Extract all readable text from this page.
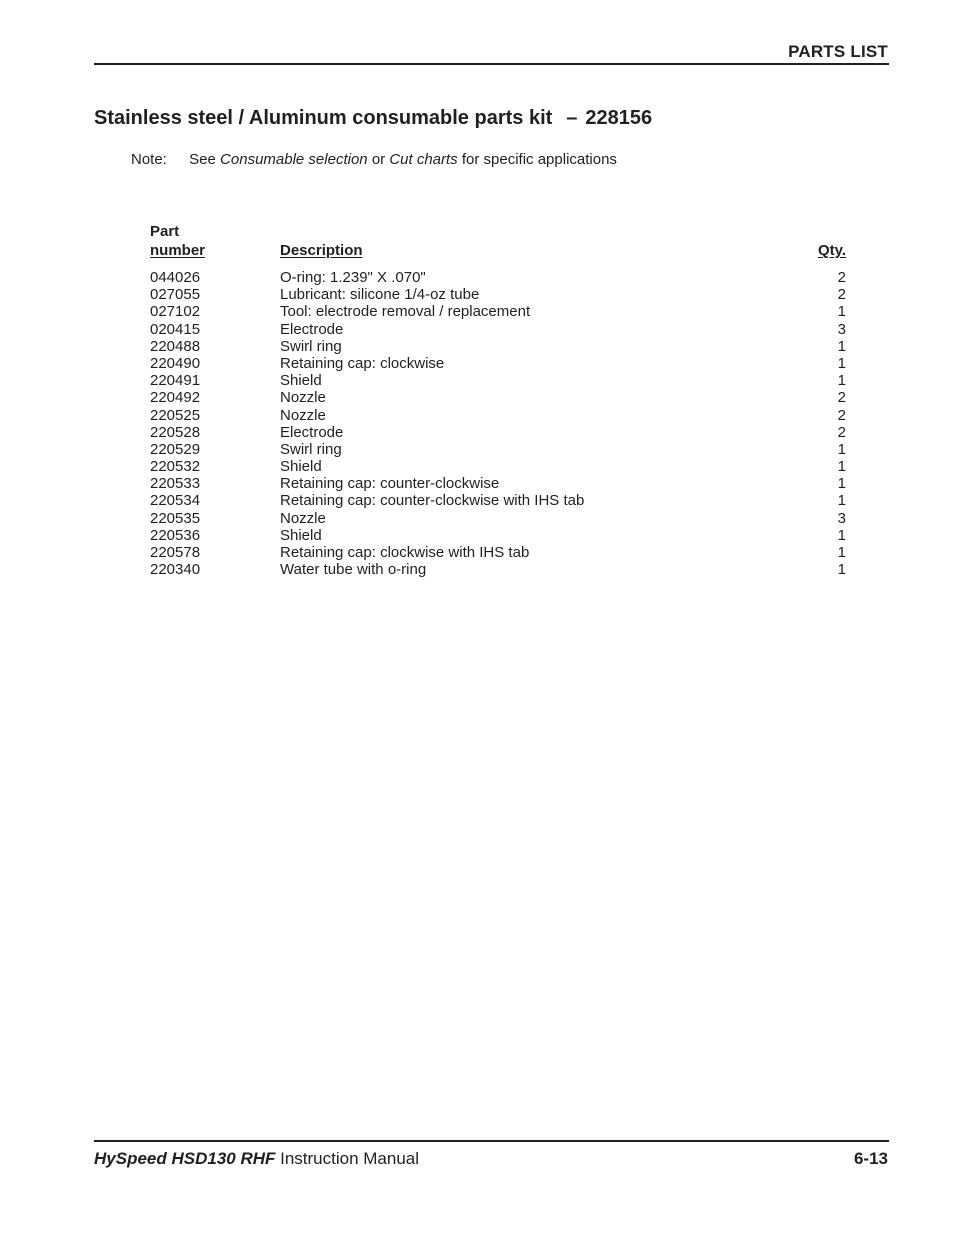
PARTS LIST
Stainless steel / Aluminum consumable parts kit – 228156
Note: See Consumable selection or Cut charts for specific applications
Part
number	Description	Qty.
044026	O-ring: 1.239" X .070"	2
027055	Lubricant: silicone 1/4-oz tube	2
027102	Tool: electrode removal / replacement	1
020415	Electrode	3
220488	Swirl ring	1
220490	Retaining cap: clockwise	1
220491	Shield	1
220492	Nozzle	2
220525	Nozzle	2
220528	Electrode	2
220529	Swirl ring	1
220532	Shield	1
220533	Retaining cap: counter-clockwise	1
220534	Retaining cap: counter-clockwise with IHS tab	1
220535	Nozzle	3
220536	Shield	1
220578	Retaining cap: clockwise with IHS tab	1
220340	Water tube with o-ring	1
HySpeed HSD130 RHF Instruction Manual	6-13
